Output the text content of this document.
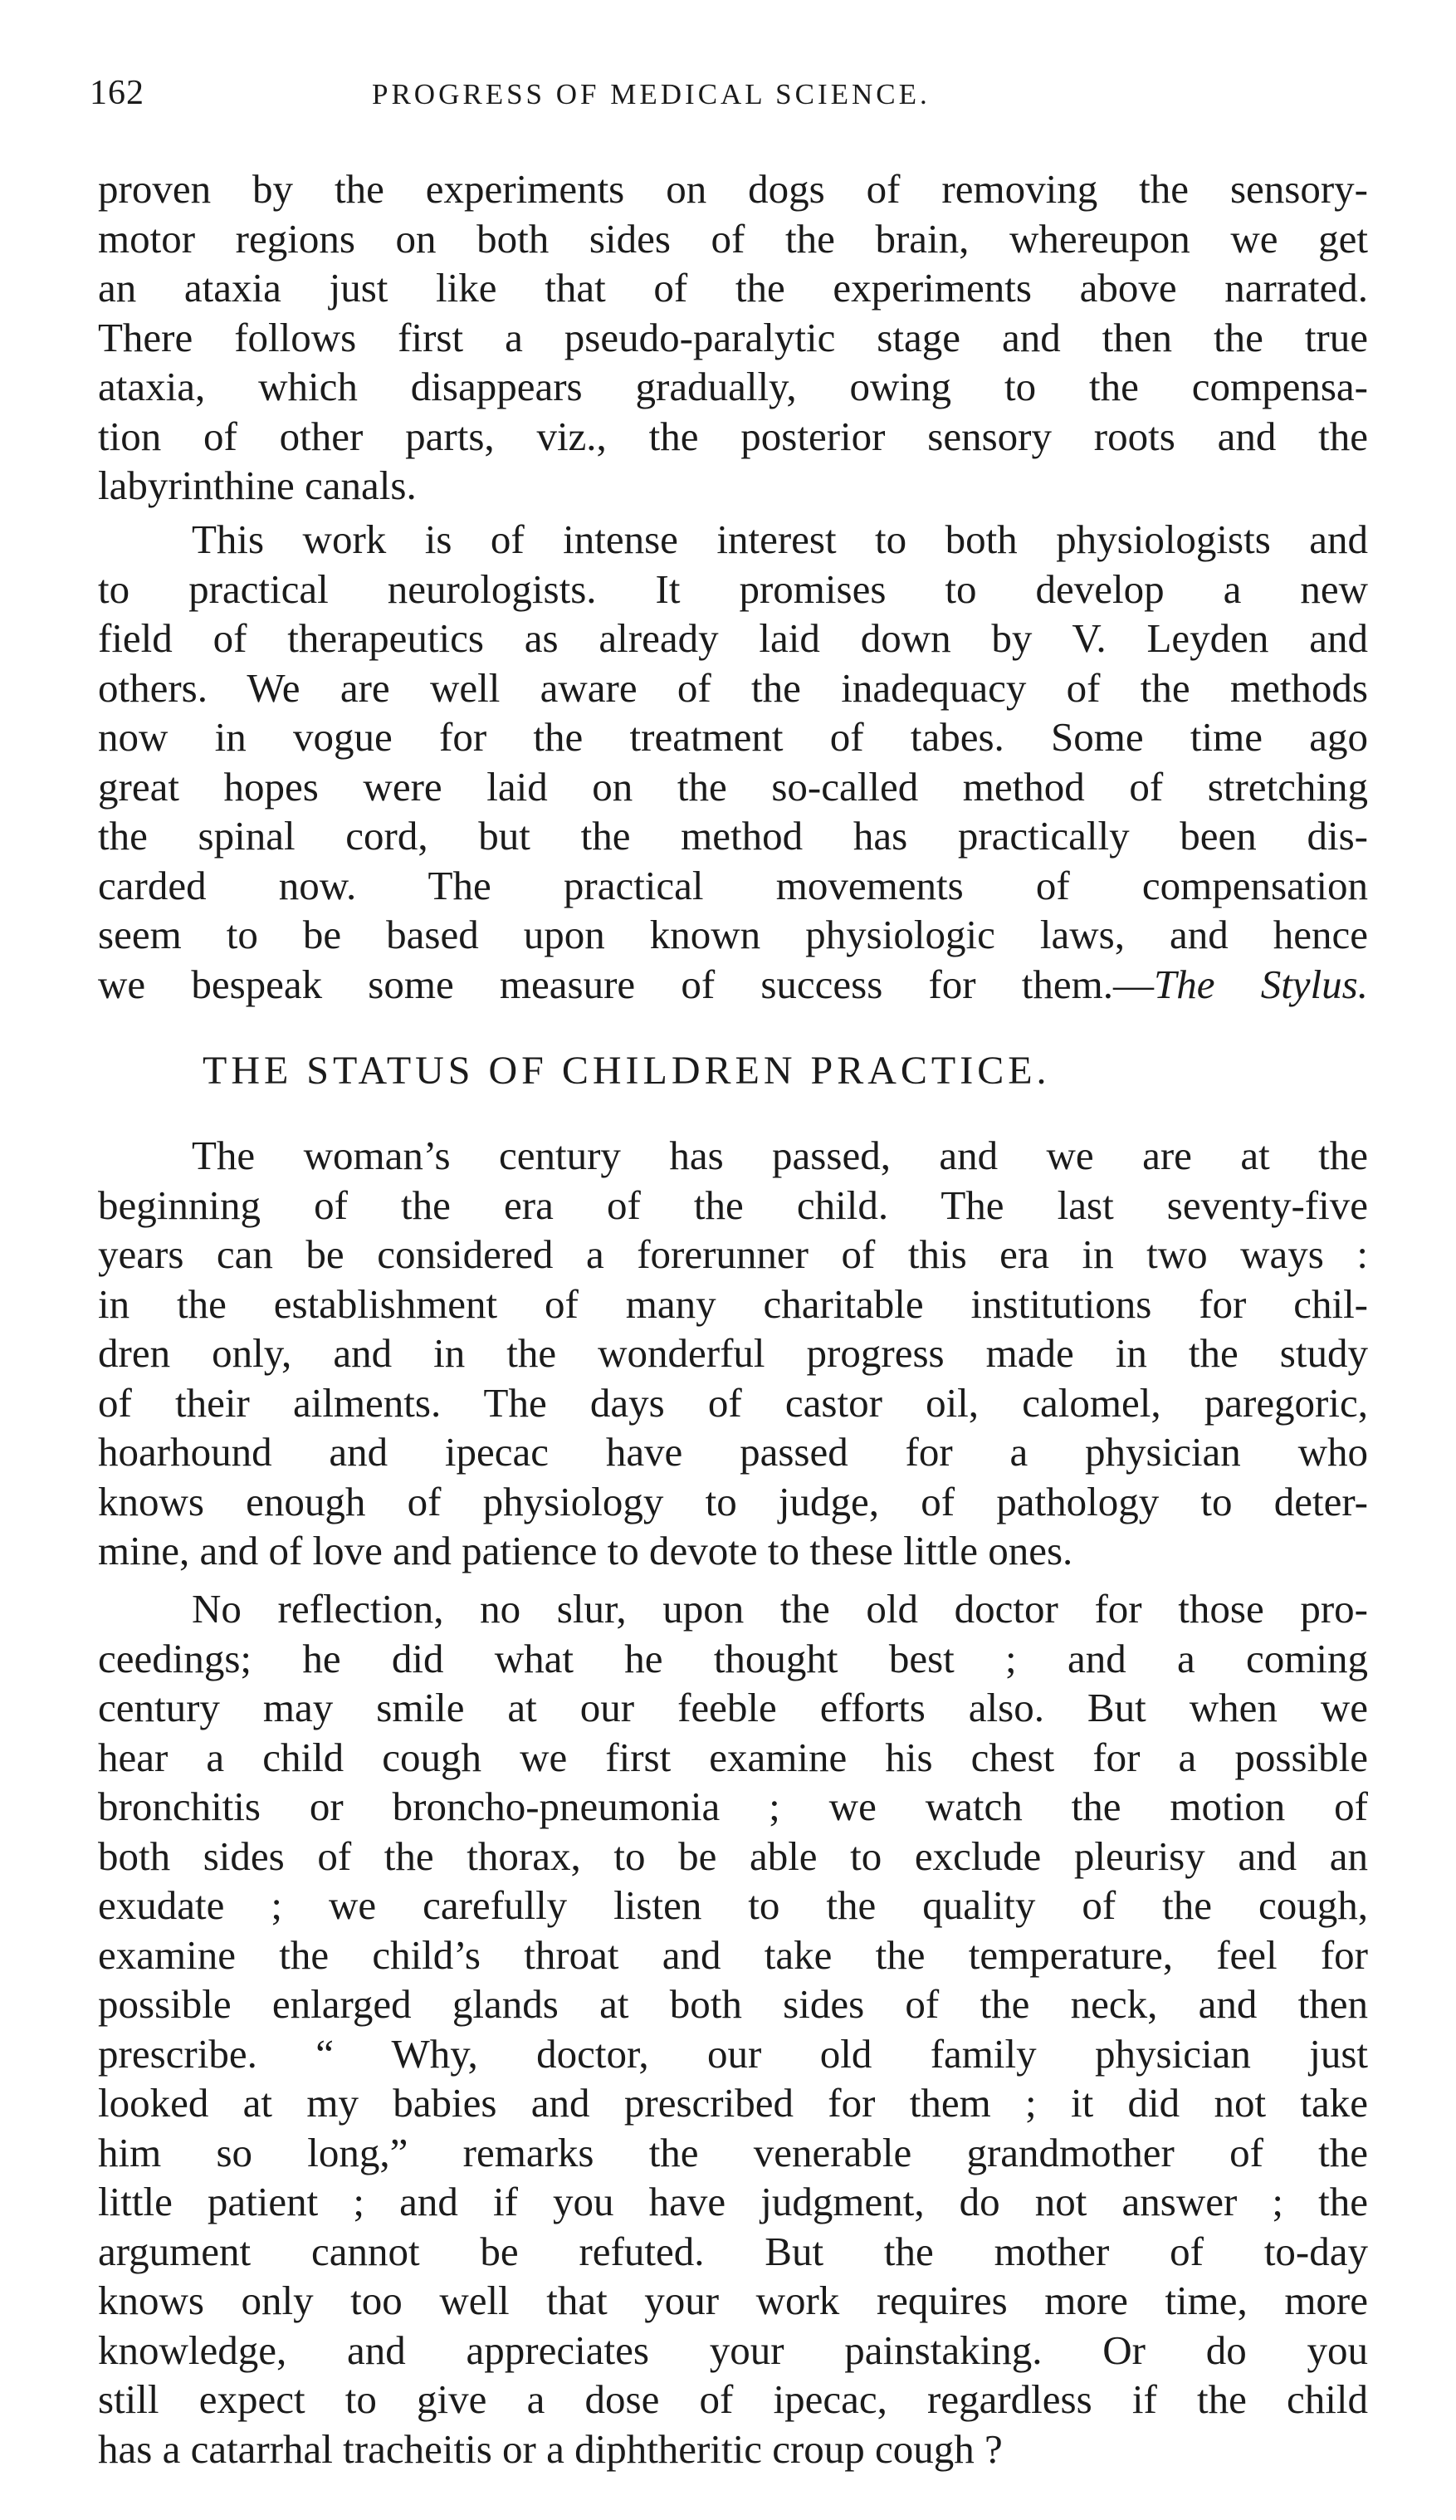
162	PROGRESS OF MEDICAL SCIENCE.
proven by the experiments on dogs of removing the sensory-
motor regions on both sides of the brain, whereupon we get
an ataxia just like that of the experiments above narrated.
There follows first a pseudo-paralytic stage and then the true
ataxia, which disappears gradually, owing to the compensa-
tion of other parts, viz., the posterior sensory roots and the
labyrinthine canals.
This work is of intense interest to both physiologists and
to practical neurologists. It promises to develop a new
field of therapeutics as already laid down by V. Leyden and
others. We are well aware of the inadequacy of the methods
now in vogue for the treatment of tabes. Some time ago
great hopes were laid on the so-called method of stretching
the spinal cord, but the method has practically been dis-
carded now. The practical movements of compensation
seem to be based upon known physiologic laws, and hence
we bespeak some measure of success for them.—The Stylus.
THE STATUS OF CHILDREN PRACTICE.
The woman’s century has passed, and we are at the
beginning of the era of the child. The last seventy-five
years can be considered a forerunner of this era in two ways :
in the establishment of many charitable institutions for chil-
dren only, and in the wonderful progress made in the study
of their ailments. The days of castor oil, calomel, paregoric,
hoarhound and ipecac have passed for a physician who
knows enough of physiology to judge, of pathology to deter-
mine, and of love and patience to devote to these little ones.
No reflection, no slur, upon the old doctor for those pro-
ceedings; he did what he thought best ; and a coming
century may smile at our feeble efforts also. But when we
hear a child cough we first examine his chest for a possible
bronchitis or broncho-pneumonia ; we watch the motion of
both sides of the thorax, to be able to exclude pleurisy and an
exudate ; we carefully listen to the quality of the cough,
examine the child’s throat and take the temperature, feel for
possible enlarged glands at both sides of the neck, and then
prescribe. “ Why, doctor, our old family physician just
looked at my babies and prescribed for them ; it did not take
him so long,” remarks the venerable grandmother of the
little patient ; and if you have judgment, do not answer ; the
argument cannot be refuted. But the mother of to-day
knows only too well that your work requires more time, more
knowledge, and appreciates your painstaking. Or do you
still expect to give a dose of ipecac, regardless if the child
has a catarrhal tracheitis or a diphtheritic croup cough ?
